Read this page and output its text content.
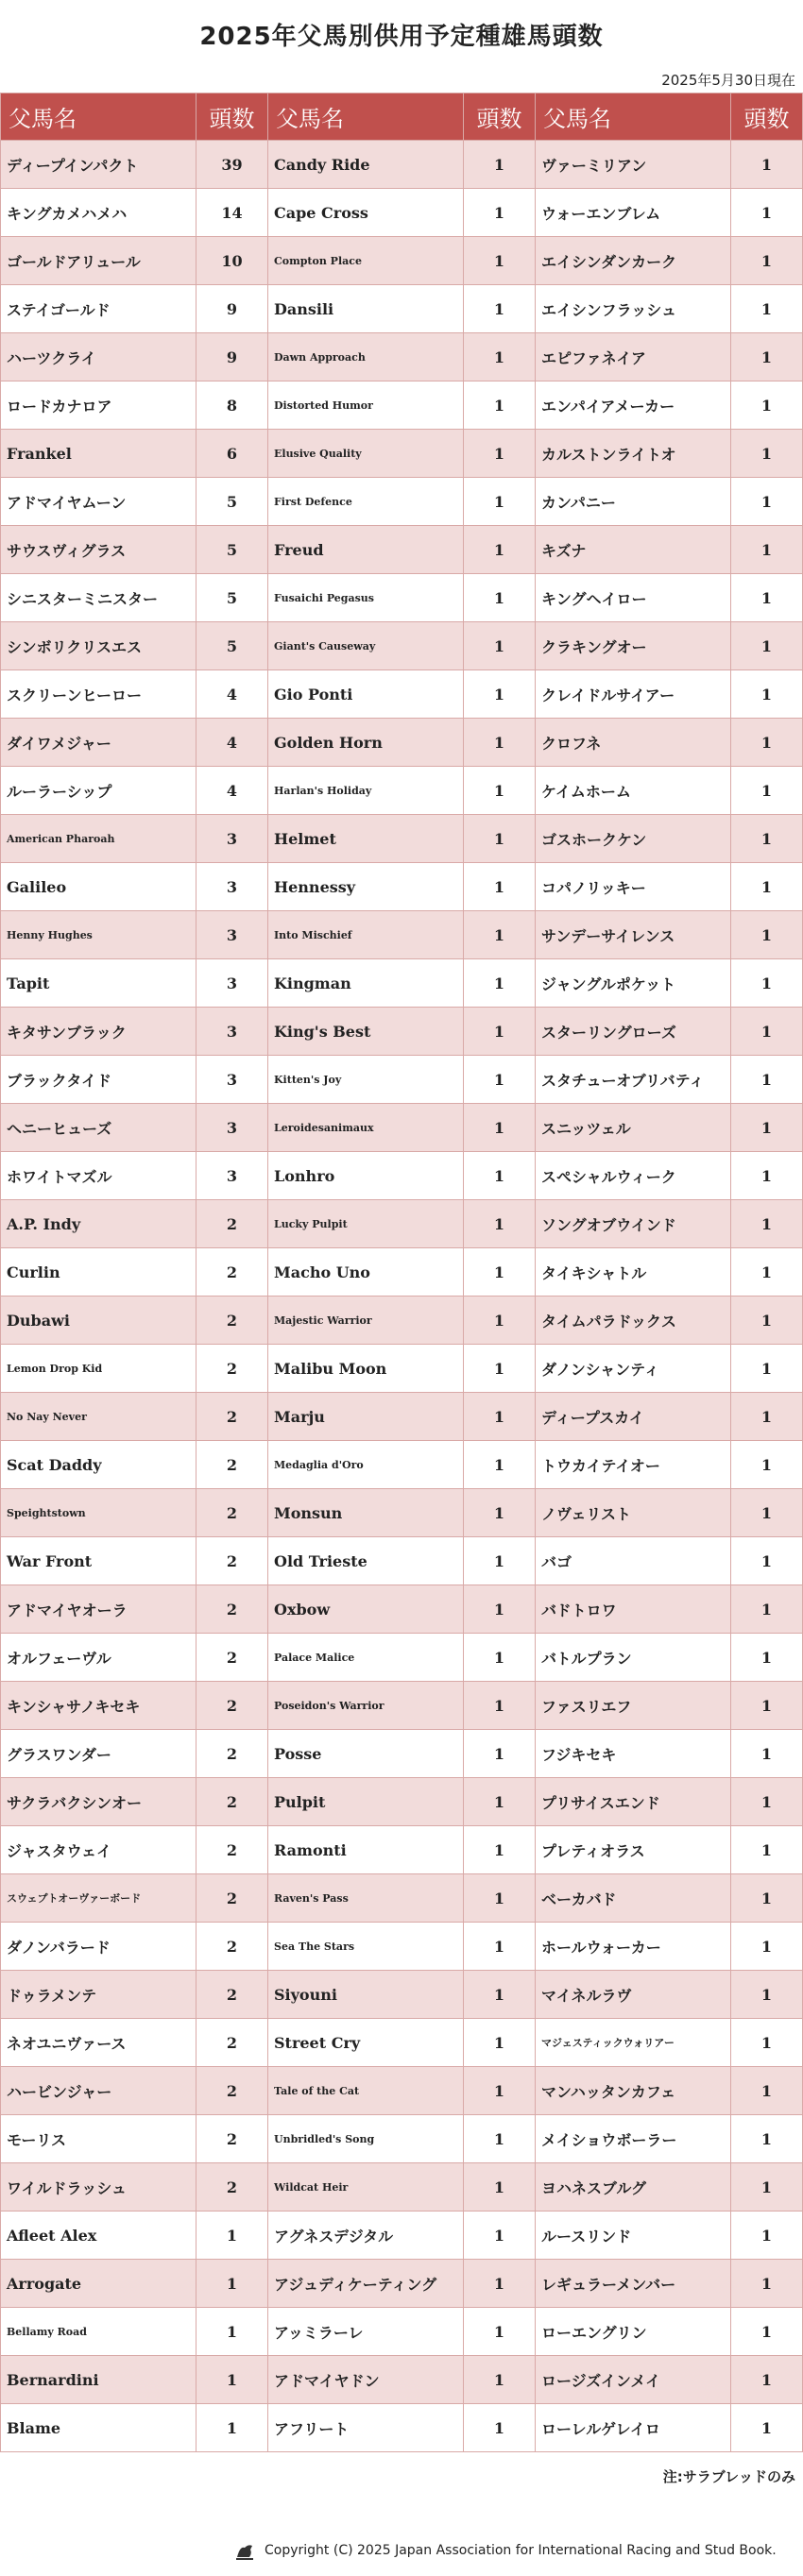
2025年父馬別供用予定種雄馬頭数
2025年5月30日現在
父馬名	頭数	父馬名	頭数	父馬名	頭数
ディープインパクト	39	Candy Ride	1	ヴァーミリアン	1
キングカメハメハ	14	Cape Cross	1	ウォーエンブレム	1
ゴールドアリュール	10	Compton Place	1	エイシンダンカーク	1
ステイゴールド	9	Dansili	1	エイシンフラッシュ	1
ハーツクライ	9	Dawn Approach	1	エピファネイア	1
ロードカナロア	8	Distorted Humor	1	エンパイアメーカー	1
Frankel	6	Elusive Quality	1	カルストンライトオ	1
アドマイヤムーン	5	First Defence	1	カンパニー	1
サウスヴィグラス	5	Freud	1	キズナ	1
シニスターミニスター	5	Fusaichi Pegasus	1	キングヘイロー	1
シンボリクリスエス	5	Giant's Causeway	1	クラキングオー	1
スクリーンヒーロー	4	Gio Ponti	1	クレイドルサイアー	1
ダイワメジャー	4	Golden Horn	1	クロフネ	1
ルーラーシップ	4	Harlan's Holiday	1	ケイムホーム	1
American Pharoah	3	Helmet	1	ゴスホークケン	1
Galileo	3	Hennessy	1	コパノリッキー	1
Henny Hughes	3	Into Mischief	1	サンデーサイレンス	1
Tapit	3	Kingman	1	ジャングルポケット	1
キタサンブラック	3	King's Best	1	スターリングローズ	1
ブラックタイド	3	Kitten's Joy	1	スタチューオブリバティ	1
ヘニーヒューズ	3	Leroidesanimaux	1	スニッツェル	1
ホワイトマズル	3	Lonhro	1	スペシャルウィーク	1
A.P. Indy	2	Lucky Pulpit	1	ソングオブウインド	1
Curlin	2	Macho Uno	1	タイキシャトル	1
Dubawi	2	Majestic Warrior	1	タイムパラドックス	1
Lemon Drop Kid	2	Malibu Moon	1	ダノンシャンティ	1
No Nay Never	2	Marju	1	ディープスカイ	1
Scat Daddy	2	Medaglia d'Oro	1	トウカイテイオー	1
Speightstown	2	Monsun	1	ノヴェリスト	1
War Front	2	Old Trieste	1	バゴ	1
アドマイヤオーラ	2	Oxbow	1	バドトロワ	1
オルフェーヴル	2	Palace Malice	1	バトルプラン	1
キンシャサノキセキ	2	Poseidon's Warrior	1	ファスリエフ	1
グラスワンダー	2	Posse	1	フジキセキ	1
サクラバクシンオー	2	Pulpit	1	プリサイスエンド	1
ジャスタウェイ	2	Ramonti	1	プレティオラス	1
スウェプトオーヴァーボード	2	Raven's Pass	1	ベーカバド	1
ダノンバラード	2	Sea The Stars	1	ホールウォーカー	1
ドゥラメンテ	2	Siyouni	1	マイネルラヴ	1
ネオユニヴァース	2	Street Cry	1	マジェスティックウォリアー	1
ハービンジャー	2	Tale of the Cat	1	マンハッタンカフェ	1
モーリス	2	Unbridled's Song	1	メイショウボーラー	1
ワイルドラッシュ	2	Wildcat Heir	1	ヨハネスブルグ	1
Afleet Alex	1	アグネスデジタル	1	ルースリンド	1
Arrogate	1	アジュディケーティング	1	レギュラーメンバー	1
Bellamy Road	1	アッミラーレ	1	ローエングリン	1
Bernardini	1	アドマイヤドン	1	ロージズインメイ	1
Blame	1	アフリート	1	ローレルゲレイロ	1
注:サラブレッドのみ
Copyright (C) 2025 Japan Association for International Racing and Stud Book.
